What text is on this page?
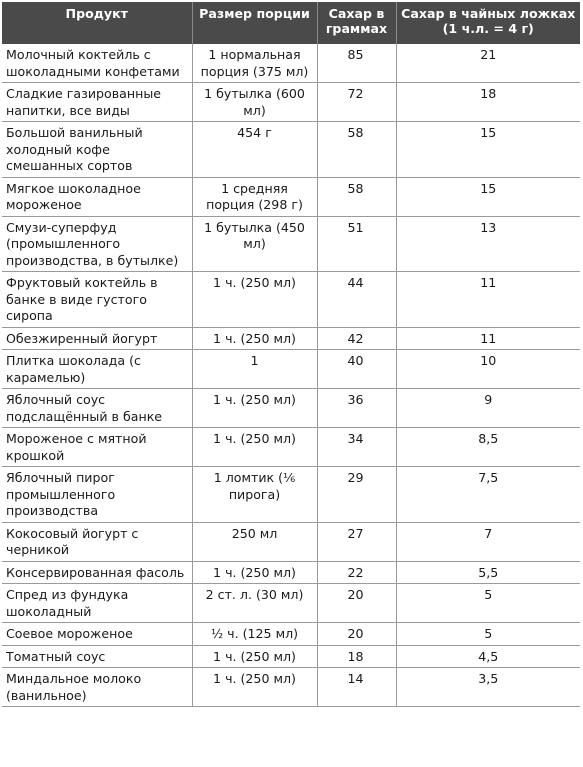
Продукт	Размер порции	Сахар в граммах	Сахар в чайных ложках (1 ч.л. = 4 г)
Молочный коктейль с шоколадными конфетами	1 нормальная порция (375 мл)	85	21
Сладкие газированные напитки, все виды	1 бутылка (600 мл)	72	18
Большой ванильный холодный кофе смешанных сортов	454 г	58	15
Мягкое шоколадное мороженое	1 средняя порция (298 г)	58	15
Смузи-суперфуд (промышленного производства, в бутылке)	1 бутылка (450 мл)	51	13
Фруктовый коктейль в банке в виде густого сиропа	1 ч. (250 мл)	44	11
Обезжиренный йогурт	1 ч. (250 мл)	42	11
Плитка шоколада (с карамелью)	1	40	10
Яблочный соус подслащённый в банке	1 ч. (250 мл)	36	9
Мороженое с мятной крошкой	1 ч. (250 мл)	34	8,5
Яблочный пирог промышленного производства	1 ломтик (⅙ пирога)	29	7,5
Кокосовый йогурт с черникой	250 мл	27	7
Консервированная фасоль	1 ч. (250 мл)	22	5,5
Спред из фундука шоколадный	2 ст. л. (30 мл)	20	5
Соевое мороженое	½ ч. (125 мл)	20	5
Томатный соус	1 ч. (250 мл)	18	4,5
Миндальное молоко (ванильное)	1 ч. (250 мл)	14	3,5
